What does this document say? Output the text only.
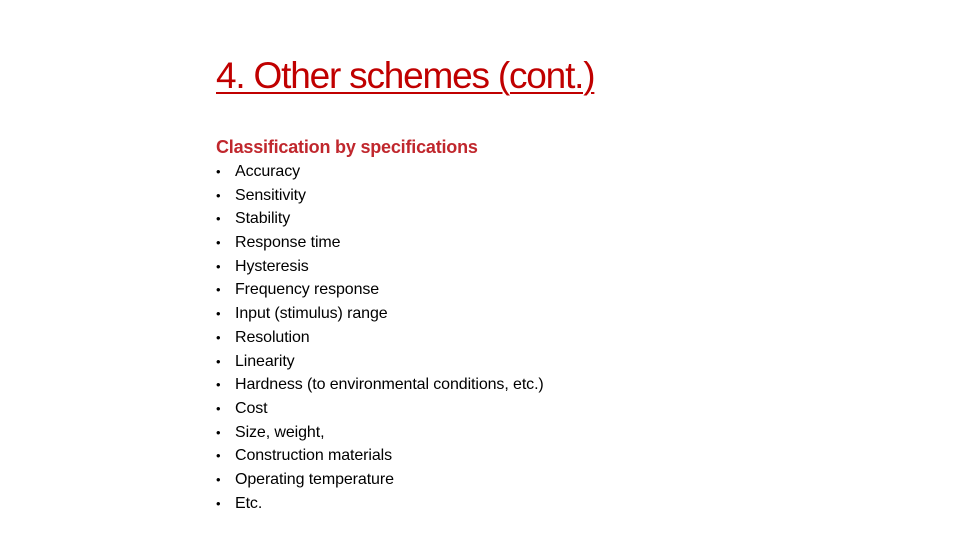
4. Other schemes (cont.)
Classification by specifications
• Accuracy
• Sensitivity
• Stability
• Response time
• Hysteresis
• Frequency response
• Input (stimulus) range
• Resolution
• Linearity
• Hardness (to environmental conditions, etc.)
• Cost
• Size, weight,
• Construction materials
• Operating temperature
• Etc.
